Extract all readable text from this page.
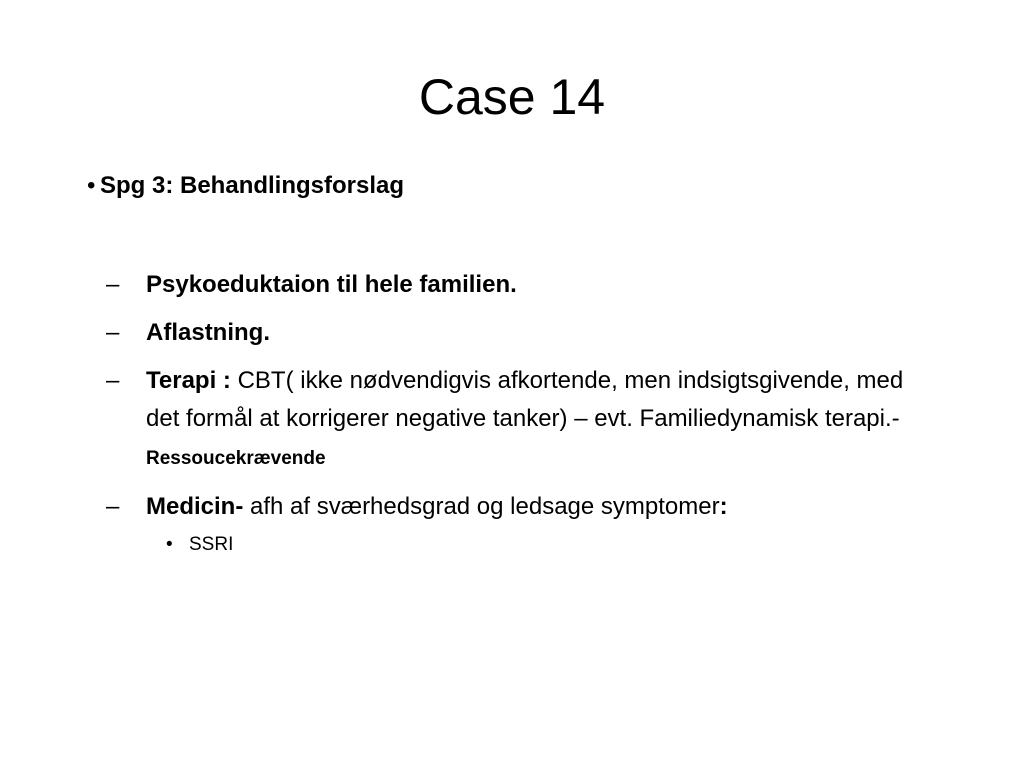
Case 14
• Spg 3: Behandlingsforslag
–	Psykoeduktaion til hele familien.
–	Aflastning.
–	Terapi : CBT( ikke nødvendigvis afkortende, men indsigtsgivende, med det formål at korrigerer negative tanker) – evt. Familiedynamisk terapi.- Ressoucekrævende
–	Medicin- afh af sværhedsgrad og ledsage symptomer:
• SSRI
